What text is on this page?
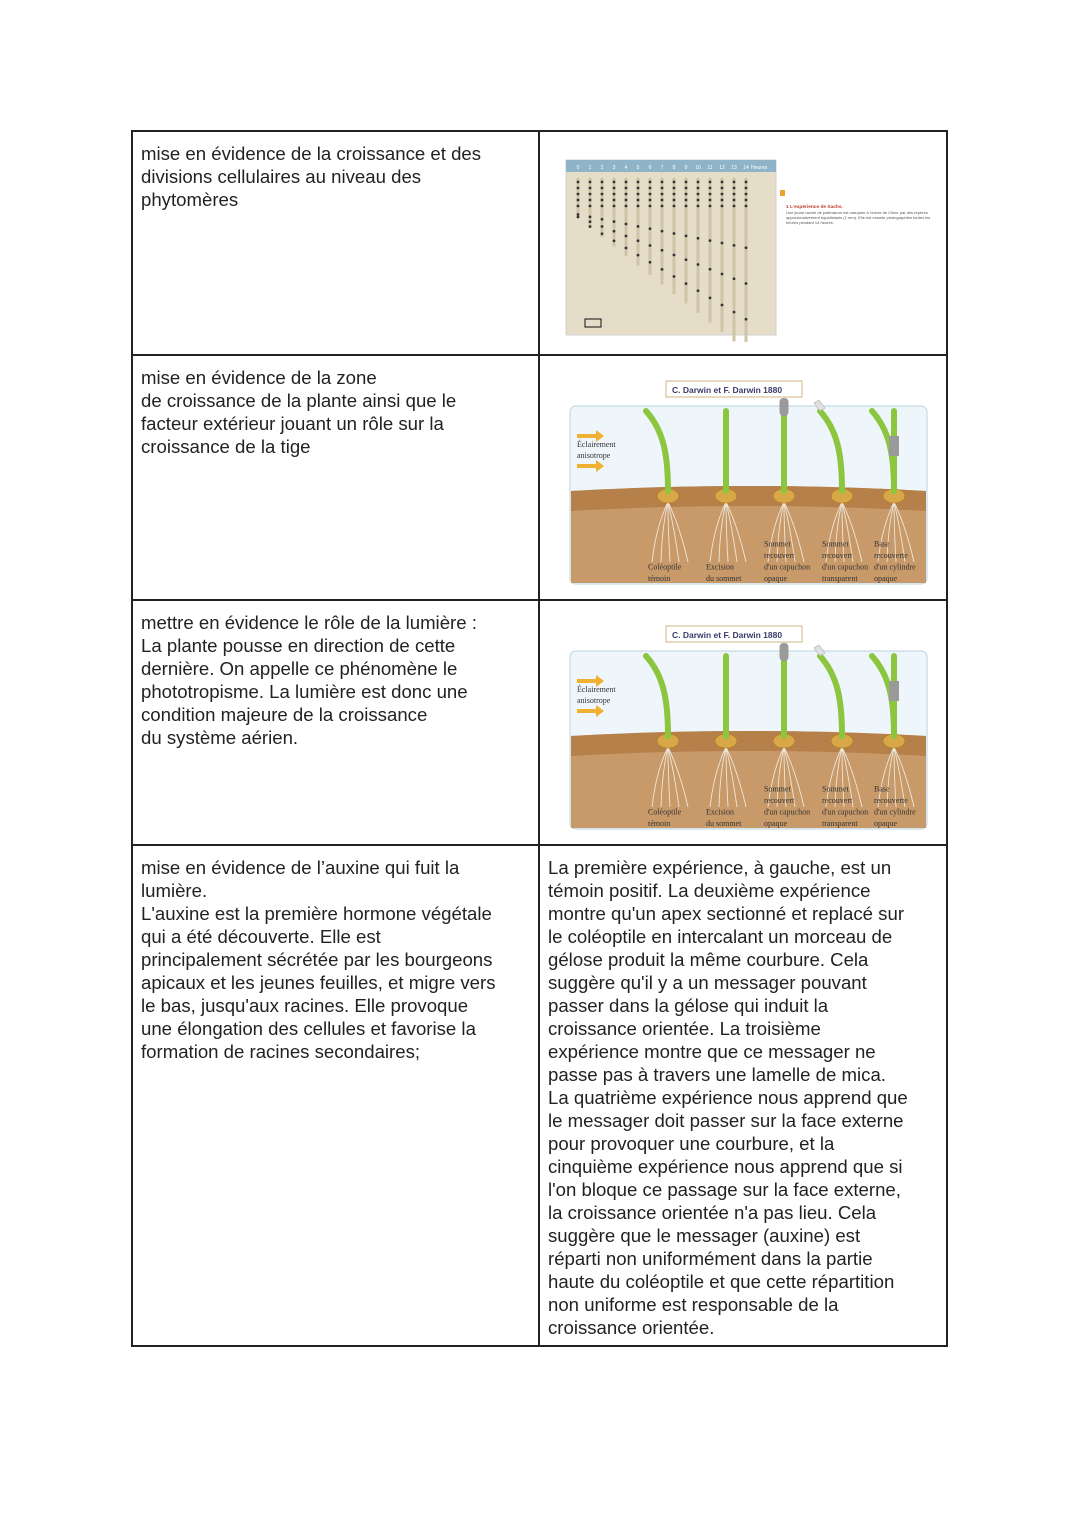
mise en évidence de la croissance et des
divisions cellulaires au niveau des
phytomères

0 1 2 3 4 5 6 7 8 9 10 11 12 13 14 Heures
1 L'expérience de Sachs.
Une jeune racine de potimarron est marquée à l'encre de Chine par des repères approximativement équidistants (1 mm). Elle est ensuite photographiée toutes les heures pendant 14 heures.

mise en évidence de la zone
de croissance de la plante ainsi que le
facteur extérieur jouant un rôle sur la
croissance de la tige

C. Darwin et F. Darwin 1880
Éclairement anisotrope
Coléoptile témoin
Excision du sommet
Sommet recouvert d'un capuchon opaque
Sommet recouvert d'un capuchon transparent
Base recouverte d'un cylindre opaque

mettre en évidence le rôle de la lumière :
La plante pousse en direction de cette
dernière. On appelle ce phénomène le
phototropisme. La lumière est donc une
condition majeure de la croissance
du système aérien.

C. Darwin et F. Darwin 1880
Éclairement anisotrope
Coléoptile témoin
Excision du sommet
Sommet recouvert d'un capuchon opaque
Sommet recouvert d'un capuchon transparent
Base recouverte d'un cylindre opaque

mise en évidence de l’auxine qui fuit la
lumière.
L'auxine est la première hormone végétale
qui a été découverte. Elle est
principalement sécrétée par les bourgeons
apicaux et les jeunes feuilles, et migre vers
le bas, jusqu'aux racines. Elle provoque
une élongation des cellules et favorise la
formation de racines secondaires;

La première expérience, à gauche, est un
témoin positif. La deuxième expérience
montre qu'un apex sectionné et replacé sur
le coléoptile en intercalant un morceau de
gélose produit la même courbure. Cela
suggère qu'il y a un messager pouvant
passer dans la gélose qui induit la
croissance orientée. La troisième
expérience montre que ce messager ne
passe pas à travers une lamelle de mica.
La quatrième expérience nous apprend que
le messager doit passer sur la face externe
pour provoquer une courbure, et la
cinquième expérience nous apprend que si
l'on bloque ce passage sur la face externe,
la croissance orientée n'a pas lieu. Cela
suggère que le messager (auxine) est
réparti non uniformément dans la partie
haute du coléoptile et que cette répartition
non uniforme est responsable de la
croissance orientée.
